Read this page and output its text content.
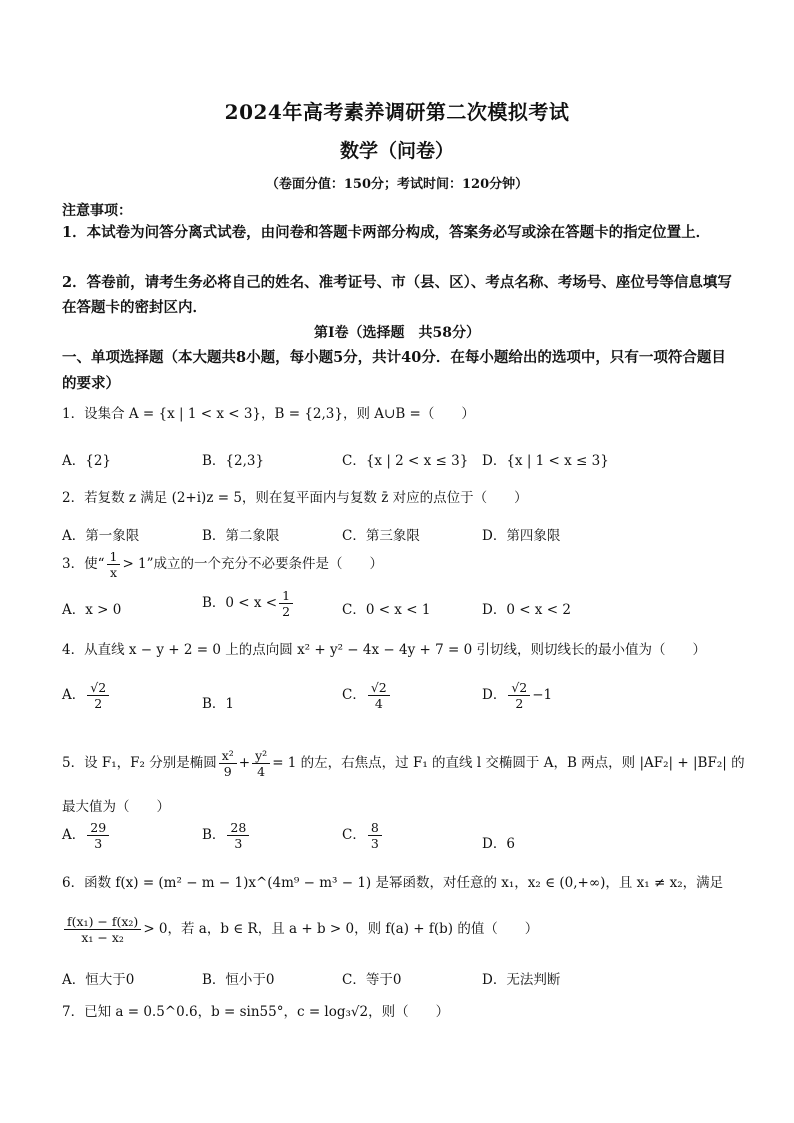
2024年高考素养调研第二次模拟考试
数学（问卷）
（卷面分值：150分；考试时间：120分钟）
注意事项：
1．本试卷为问答分离式试卷，由问卷和答题卡两部分构成，答案务必写或涂在答题卡的指定位置上．
2．答卷前，请考生务必将自己的姓名、准考证号、市（县、区）、考点名称、考场号、座位号等信息填写在答题卡的密封区内．
第Ⅰ卷（选择题　共58分）
一、单项选择题（本大题共8小题，每小题5分，共计40分．在每小题给出的选项中，只有一项符合题目的要求）
1．设集合 A = {x | 1 < x < 3}，B = {2,3}，则 A∪B =（　　）
A．{2}	B．{2,3}	C．{x | 2 < x ≤ 3} D．{x | 1 < x ≤ 3}
2．若复数 z 满足 (2+i)z = 5，则在复平面内与复数 z̄ 对应的点位于（　　）
A．第一象限	B．第二象限	C．第三象限	D．第四象限
3．使“ $\frac{1}{x} > 1$”成立的一个充分不必要条件是（　　）
A．x > 0	B．$0 < x < \frac{1}{2}$	C．0 < x < 1	D．0 < x < 2
4．从直线 x − y + 2 = 0 上的点向圆 x² + y² − 4x − 4y + 7 = 0 引切线，则切线长的最小值为（　　）
A． $\frac{√2}{2}$	B．1
C． $\frac{√2}{4}$	D． $\frac{√2}{2} -1$
5．设 F₁，F₂ 分别是椭圆 $\frac{\text{x²}}{9} + \frac{\text{y²}}{4} = 1$ 的左，右焦点，过 F₁ 的直线 l 交椭圆于 A，B 两点，则 |AF₂| + |BF₂| 的
最大值为（　　）
A． $\frac{29}{3}$	B． $\frac{28}{3}$	C． $\frac{8}{3}$	D．6
6．函数 f(x) = (m² − m − 1)x^(4m⁹ − m³ − 1) 是幂函数，对任意的 x₁，x₂ ∈ (0,+∞)，且 x₁ ≠ x₂，满足
$\frac{\text{f(x₁) − f(x₂)}}{\text{x₁ − x₂}} > 0$，若 a，b ∈ R，且 a + b > 0，则 f(a) + f(b) 的值（　　）
A．恒大于0	B．恒小于0	C．等于0	D．无法判断
7．已知 a = 0.5^0.6，b = sin55°，c = log₃√2，则（　　）
